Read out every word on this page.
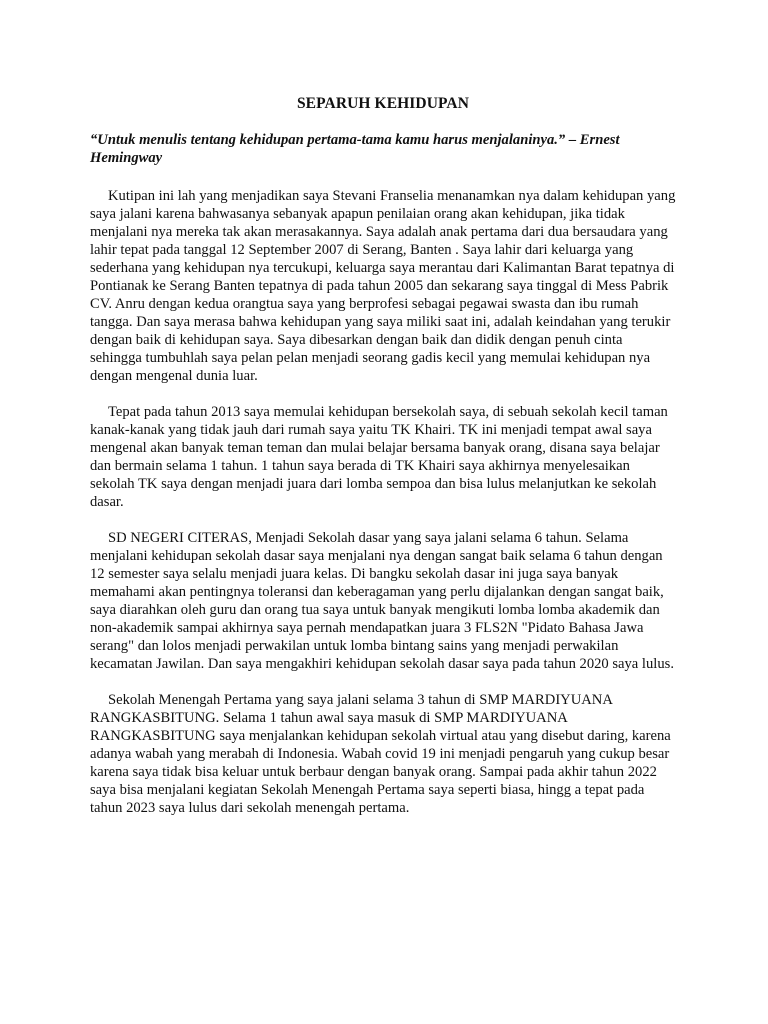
SEPARUH KEHIDUPAN
“Untuk menulis tentang kehidupan pertama-tama kamu harus menjalaninya.” – Ernest Hemingway

Kutipan ini lah yang menjadikan saya Stevani Franselia menanamkan nya dalam kehidupan yang saya jalani karena bahwasanya sebanyak apapun penilaian orang akan kehidupan, jika tidak menjalani nya mereka tak akan merasakannya. Saya adalah anak pertama dari dua bersaudara yang lahir tepat pada tanggal 12 September 2007 di Serang, Banten . Saya lahir dari keluarga yang sederhana yang kehidupan nya tercukupi, keluarga saya merantau dari Kalimantan Barat tepatnya di Pontianak ke Serang Banten tepatnya di pada tahun 2005 dan sekarang saya tinggal di Mess Pabrik CV. Anru dengan kedua orangtua saya yang berprofesi sebagai pegawai swasta dan ibu rumah tangga. Dan saya merasa bahwa kehidupan yang saya miliki saat ini, adalah keindahan yang terukir dengan baik di kehidupan saya. Saya dibesarkan dengan baik dan didik dengan penuh cinta sehingga tumbuhlah saya pelan pelan menjadi seorang gadis kecil yang memulai kehidupan nya dengan mengenal dunia luar.

Tepat pada tahun 2013 saya memulai kehidupan bersekolah saya, di sebuah sekolah kecil taman kanak-kanak yang tidak jauh dari rumah saya yaitu TK Khairi. TK ini menjadi tempat awal saya mengenal akan banyak teman teman dan mulai belajar bersama banyak orang, disana saya belajar dan bermain selama 1 tahun. 1 tahun saya berada di TK Khairi saya akhirnya menyelesaikan sekolah TK saya dengan menjadi juara dari lomba sempoa dan bisa lulus melanjutkan ke sekolah dasar.

SD NEGERI CITERAS, Menjadi Sekolah dasar yang saya jalani selama 6 tahun. Selama menjalani kehidupan sekolah dasar saya menjalani nya dengan sangat baik selama 6 tahun dengan 12 semester saya selalu menjadi juara kelas. Di bangku sekolah dasar ini juga saya banyak memahami akan pentingnya toleransi dan keberagaman yang perlu dijalankan dengan sangat baik, saya diarahkan oleh guru dan orang tua saya untuk banyak mengikuti lomba lomba akademik dan non-akademik sampai akhirnya saya pernah mendapatkan juara 3 FLS2N "Pidato Bahasa Jawa serang" dan lolos menjadi perwakilan untuk lomba bintang sains yang menjadi perwakilan kecamatan Jawilan. Dan saya mengakhiri kehidupan sekolah dasar saya pada tahun 2020 saya lulus.

Sekolah Menengah Pertama yang saya jalani selama 3 tahun di SMP MARDIYUANA RANGKASBITUNG. Selama 1 tahun awal saya masuk di SMP MARDIYUANA RANGKASBITUNG saya menjalankan kehidupan sekolah virtual atau yang disebut daring, karena adanya wabah yang merabah di Indonesia. Wabah covid 19 ini menjadi pengaruh yang cukup besar karena saya tidak bisa keluar untuk berbaur dengan banyak orang. Sampai pada akhir tahun 2022 saya bisa menjalani kegiatan Sekolah Menengah Pertama saya seperti biasa, hingg a tepat pada tahun 2023 saya lulus dari sekolah menengah pertama.
